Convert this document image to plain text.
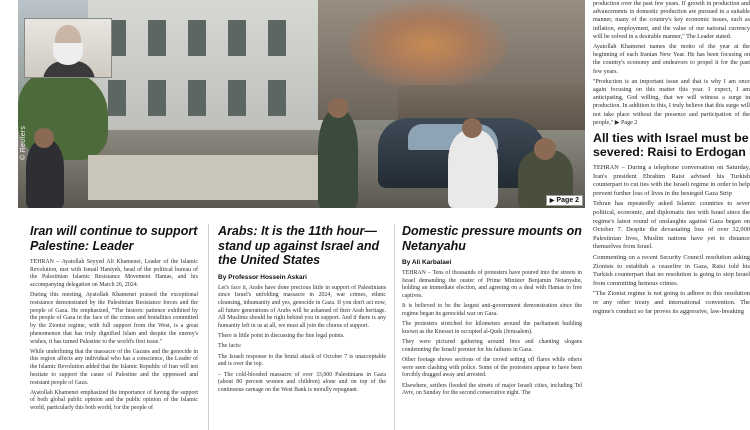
© Reuters
▶ Page 2

production over the past few years. If growth in production and advancements in domestic production are pursued in a suitable manner, many of the country's key economic issues, such as inflation, employment, and the value of our national currency will be solved in a desirable manner," The Leader stated.

Ayatollah Khamenei names the motto of the year at the beginning of each Iranian New Year. He has been focusing on the country's economy and endeavors to propel it for the past few years.

"Production is an important issue and that is why I am once again focusing on this matter this year. I expect, I am anticipating, God willing, that we will witness a surge in production. In addition to this, I truly believe that this surge will not take place without the presence and participation of the people," ▶ Page 2

All ties with Israel must be severed: Raisi to Erdogan

TEHRAN – During a telephone conversation on Saturday, Iran's president Ebrahim Raisi advised his Turkish counterpart to cut ties with the Israeli regime in order to help prevent further loss of lives in the besieged Gaza Strip

Tehran has repeatedly asked Islamic countries to sever political, economic, and diplomatic ties with Israel since the regime's latest round of onslaughts against Gaza began on October 7. Despite the devastating loss of over 32,000 Palestinian lives, Muslim nations have yet to distance themselves from Israel.

Commenting on a recent Security Council resolution asking Zionists to establish a ceasefire in Gaza, Raisi told his Turkish counterpart that no resolution is going to stop Israel from committing heinous crimes.

"The Zionist regime is not going to adhere to this resolution or any other treaty and international convention. The regime's conduct so far proves its aggressive, law-breaking

Iran will continue to support Palestine: Leader

TEHRAN – Ayatollah Seyyed Ali Khamenei, Leader of the Islamic Revolution, met with Ismail Haniyeh, head of the political bureau of the Palestinian Islamic Resistance Movement Hamas, and his accompanying delegation on March 26, 2024.

During this meeting, Ayatollah Khamenei praised the exceptional resistance demonstrated by the Palestinian Resistance forces and the people of Gaza. He emphasized, "The historic patience exhibited by the people of Gaza in the face of the crimes and brutalities committed by the Zionist regime, with full support from the West, is a great phenomenon that has truly dignified Islam and despite the enemy's wishes, it has turned Palestine to the world's first issue."

While underlining that the massacre of the Gazans and the genocide in this region affects any individual who has a conscience, the Leader of the Islamic Revolution added that the Islamic Republic of Iran will not hesitate to support the cause of Palestine and the oppressed and resistant people of Gaza.

Ayatollah Khamenei emphasized the importance of having the support of both global public opinion and the public opinion of the Islamic world, particularly this both world, for the people of

Arabs: It is the 11th hour—stand up against Israel and the United States
By Professor Hossein Askari

Let's face it, Arabs have done precious little in support of Palestinians since Israel's unfolding massacre in 2024, war crimes, ethnic cleansing, inhumanity and yes, genocide in Gaza. If you don't act now, all future generations of Arabs will be ashamed of their Arab heritage. All Muslims should be right behind you in support. And if there is any humanity left in us at all, we must all join the chorus of support.

There is little point in discussing the fine legal points.

The facts:

The Israeli response to the brutal attack of October 7 is unacceptable and is over the top.

– The cold-blooded massacre of over 33,000 Palestinians in Gaza (about 80 percent women and children) alone and on top of the continuous carnage on the West Bank is morally repugnant.

Domestic pressure mounts on Netanyahu
By Ali Karbalaei

TEHRAN – Tens of thousands of protesters have poured into the streets in Israel demanding the ouster of Prime Minister Benjamin Netanyahu, holding an immediate election, and agreeing on a deal with Hamas to free captives.

It is believed to be the largest anti-government demonstration since the regime began its genocidal war on Gaza.

The protesters stretched for kilometers around the parliament building known as the Knesset in occupied al-Quds (Jerusalem).

They were pictured gathering around fires and chanting slogans condemning the Israeli premier for his failures in Gaza.

Other footage shows sections of the crowd setting off flares while others were seen clashing with police. Some of the protesters appear to have been forcibly dragged away and arrested.

Elsewhere, settlers flooded the streets of major Israeli cities, including Tel Aviv, on Sunday for the second consecutive night. The
